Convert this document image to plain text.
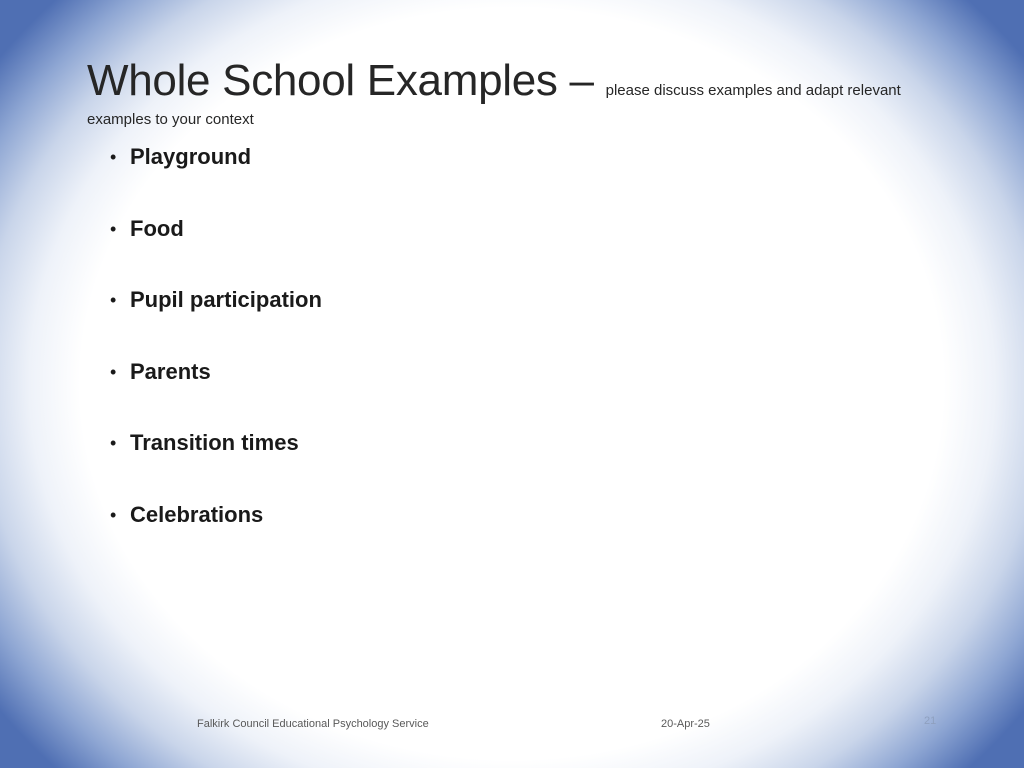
Whole School Examples – please discuss examples and adapt relevant
examples to your context
• Playground
• Food
• Pupil participation
• Parents
• Transition times
• Celebrations
Falkirk Council Educational Psychology Service	20-Apr-25	21
